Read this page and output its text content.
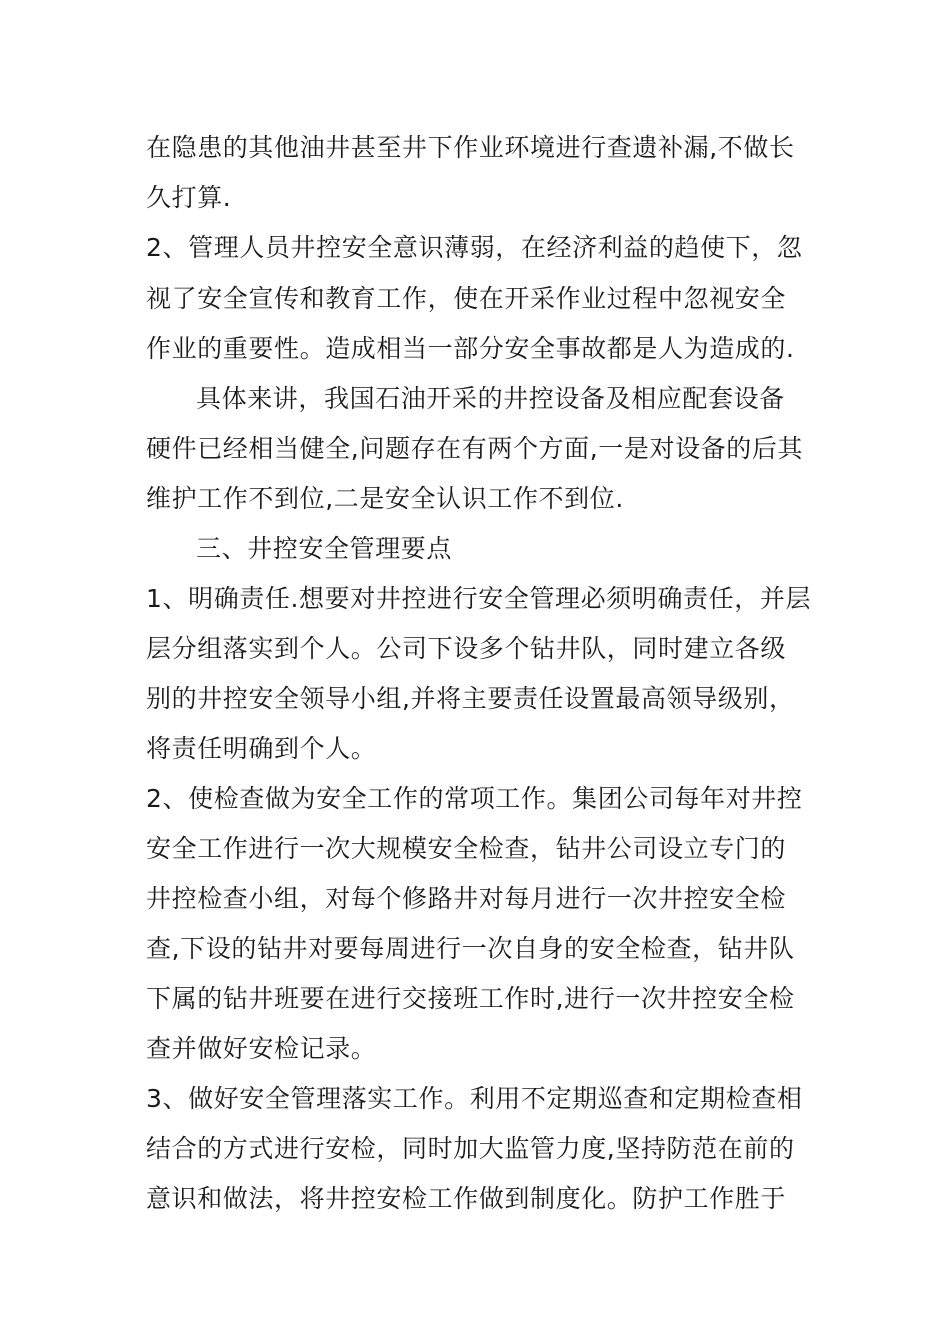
在隐患的其他油井甚至井下作业环境进行查遗补漏,不做长
久打算.
2、管理人员井控安全意识薄弱，在经济利益的趋使下，忽
视了安全宣传和教育工作，使在开采作业过程中忽视安全
作业的重要性。造成相当一部分安全事故都是人为造成的.
具体来讲，我国石油开采的井控设备及相应配套设备
硬件已经相当健全,问题存在有两个方面,一是对设备的后其
维护工作不到位,二是安全认识工作不到位.
三、井控安全管理要点
1、明确责任.想要对井控进行安全管理必须明确责任，并层
层分组落实到个人。公司下设多个钻井队，同时建立各级
别的井控安全领导小组,并将主要责任设置最高领导级别，
将责任明确到个人。
2、使检查做为安全工作的常项工作。集团公司每年对井控
安全工作进行一次大规模安全检查，钻井公司设立专门的
井控检查小组，对每个修路井对每月进行一次井控安全检
查,下设的钻井对要每周进行一次自身的安全检查，钻井队
下属的钻井班要在进行交接班工作时,进行一次井控安全检
查并做好安检记录。
3、做好安全管理落实工作。利用不定期巡查和定期检查相
结合的方式进行安检，同时加大监管力度,坚持防范在前的
意识和做法，将井控安检工作做到制度化。防护工作胜于
